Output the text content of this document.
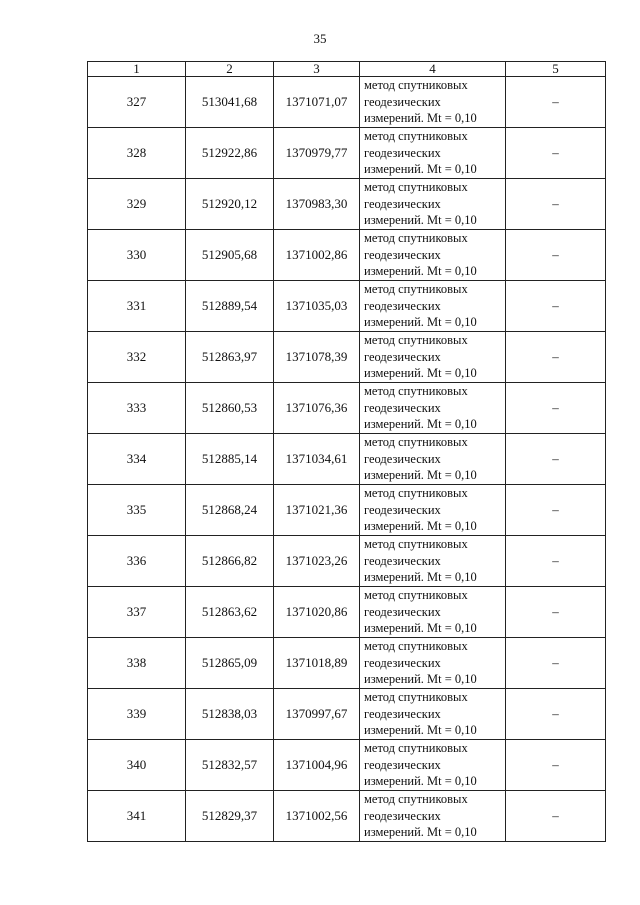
35
1	2	3	4	5
327	513041,68	1371071,07	метод спутниковых
геодезических
измерений. Mt = 0,10	–
328	512922,86	1370979,77	метод спутниковых
геодезических
измерений. Mt = 0,10	–
329	512920,12	1370983,30	метод спутниковых
геодезических
измерений. Mt = 0,10	–
330	512905,68	1371002,86	метод спутниковых
геодезических
измерений. Mt = 0,10	–
331	512889,54	1371035,03	метод спутниковых
геодезических
измерений. Mt = 0,10	–
332	512863,97	1371078,39	метод спутниковых
геодезических
измерений. Mt = 0,10	–
333	512860,53	1371076,36	метод спутниковых
геодезических
измерений. Mt = 0,10	–
334	512885,14	1371034,61	метод спутниковых
геодезических
измерений. Mt = 0,10	–
335	512868,24	1371021,36	метод спутниковых
геодезических
измерений. Mt = 0,10	–
336	512866,82	1371023,26	метод спутниковых
геодезических
измерений. Mt = 0,10	–
337	512863,62	1371020,86	метод спутниковых
геодезических
измерений. Mt = 0,10	–
338	512865,09	1371018,89	метод спутниковых
геодезических
измерений. Mt = 0,10	–
339	512838,03	1370997,67	метод спутниковых
геодезических
измерений. Mt = 0,10	–
340	512832,57	1371004,96	метод спутниковых
геодезических
измерений. Mt = 0,10	–
341	512829,37	1371002,56	метод спутниковых
геодезических
измерений. Mt = 0,10	–
